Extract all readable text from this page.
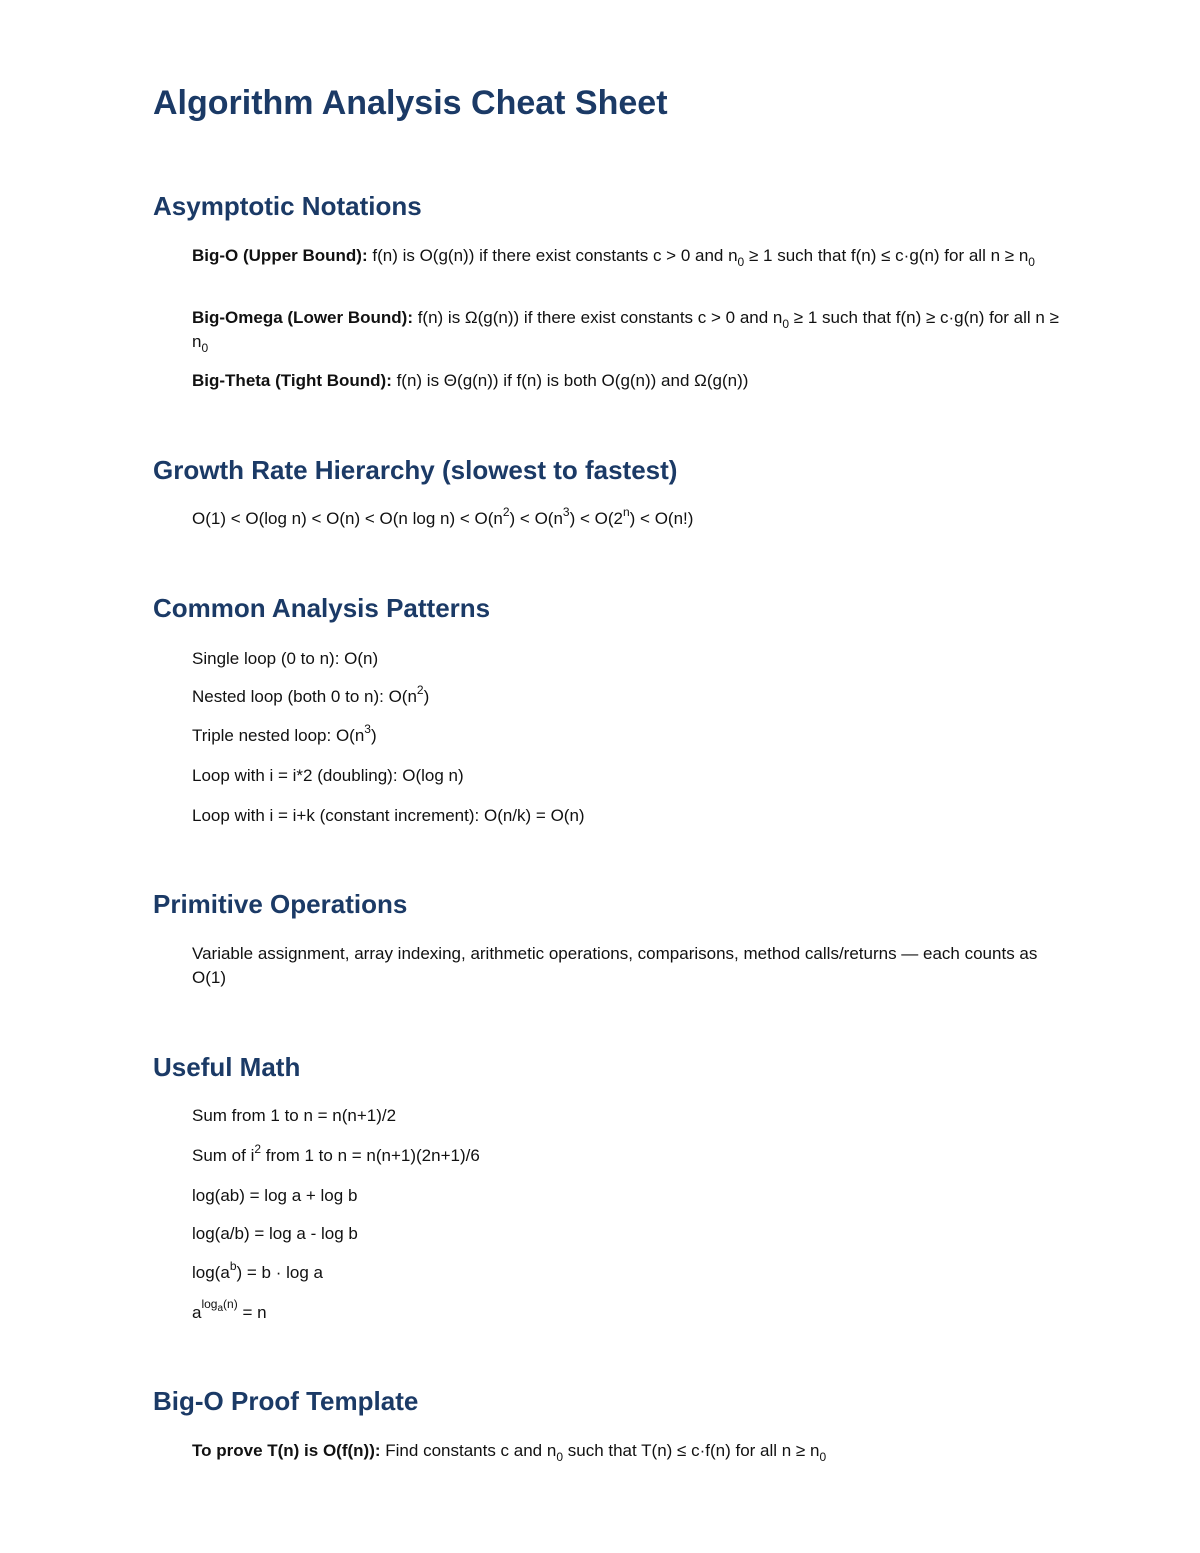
Algorithm Analysis Cheat Sheet
Asymptotic Notations
Big-O (Upper Bound): f(n) is O(g(n)) if there exist constants c > 0 and $n_0 \ge 1$ such that f(n) ≤ c·g(n) for all $n \ge n_0$
Big-Omega (Lower Bound): f(n) is Ω(g(n)) if there exist constants c > 0 and $n_0 \ge 1$ such that f(n) ≥ c·g(n) for all $n \ge n_0$
Big-Theta (Tight Bound): f(n) is Θ(g(n)) if f(n) is both O(g(n)) and Ω(g(n))
Growth Rate Hierarchy (slowest to fastest)
O(1) < O(log n) < O(n) < O(n $\log n) < O(n^2) < O(n^3) < O(2^n) < O(n!)$
Common Analysis Patterns
Single loop (0 to n): O(n)
Nested loop (both 0 to n): $O(n^2)$
Triple nested loop: $O(n^3)$
Loop with i = i*2 (doubling): O(log n)
Loop with i = i+k (constant increment): O(n/k) = O(n)
Primitive Operations
Variable assignment, array indexing, arithmetic operations, comparisons, method calls/returns — each counts as O(1)
Useful Math
Sum from 1 to n = n(n+1)/2
Sum of $i^2$ from 1 to n = n(n+1)(2n+1)/6
log(ab) = log a + log b
log(a/b) = log a - log b
$\log(a^b) = b \cdot \log a$
$a^{log_a(n)} = n$
Big-O Proof Template
To prove T(n) is O(f(n)): Find constants c and $n_0$ such that T(n) ≤ c·f(n) for all $n \ge n_0$
